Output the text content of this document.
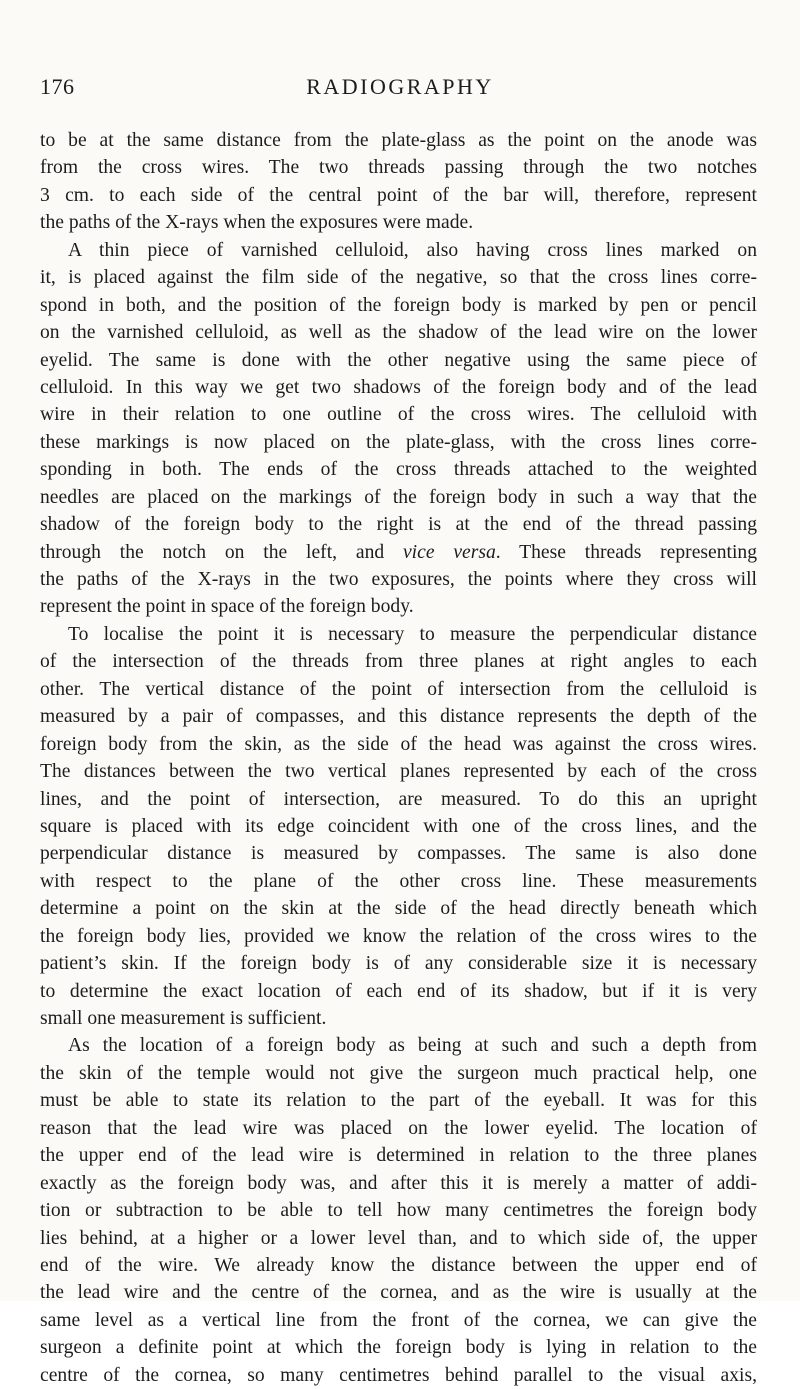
176	RADIOGRAPHY
to be at the same distance from the plate-glass as the point on the anode was
from the cross wires. The two threads passing through the two notches
3 cm. to each side of the central point of the bar will, therefore, represent
the paths of the X-rays when the exposures were made.
A thin piece of varnished celluloid, also having cross lines marked on
it, is placed against the film side of the negative, so that the cross lines corre-
spond in both, and the position of the foreign body is marked by pen or pencil
on the varnished celluloid, as well as the shadow of the lead wire on the lower
eyelid. The same is done with the other negative using the same piece of
celluloid. In this way we get two shadows of the foreign body and of the lead
wire in their relation to one outline of the cross wires. The celluloid with
these markings is now placed on the plate-glass, with the cross lines corre-
sponding in both. The ends of the cross threads attached to the weighted
needles are placed on the markings of the foreign body in such a way that the
shadow of the foreign body to the right is at the end of the thread passing
through the notch on the left, and vice versa. These threads representing
the paths of the X-rays in the two exposures, the points where they cross will
represent the point in space of the foreign body.
To localise the point it is necessary to measure the perpendicular distance
of the intersection of the threads from three planes at right angles to each
other. The vertical distance of the point of intersection from the celluloid is
measured by a pair of compasses, and this distance represents the depth of the
foreign body from the skin, as the side of the head was against the cross wires.
The distances between the two vertical planes represented by each of the cross
lines, and the point of intersection, are measured. To do this an upright
square is placed with its edge coincident with one of the cross lines, and the
perpendicular distance is measured by compasses. The same is also done
with respect to the plane of the other cross line. These measurements
determine a point on the skin at the side of the head directly beneath which
the foreign body lies, provided we know the relation of the cross wires to the
patient’s skin. If the foreign body is of any considerable size it is necessary
to determine the exact location of each end of its shadow, but if it is very
small one measurement is sufficient.
As the location of a foreign body as being at such and such a depth from
the skin of the temple would not give the surgeon much practical help, one
must be able to state its relation to the part of the eyeball. It was for this
reason that the lead wire was placed on the lower eyelid. The location of
the upper end of the lead wire is determined in relation to the three planes
exactly as the foreign body was, and after this it is merely a matter of addi-
tion or subtraction to be able to tell how many centimetres the foreign body
lies behind, at a higher or a lower level than, and to which side of, the upper
end of the wire. We already know the distance between the upper end of
the lead wire and the centre of the cornea, and as the wire is usually at the
same level as a vertical line from the front of the cornea, we can give the
surgeon a definite point at which the foreign body is lying in relation to the
centre of the cornea, so many centimetres behind parallel to the visual axis,
